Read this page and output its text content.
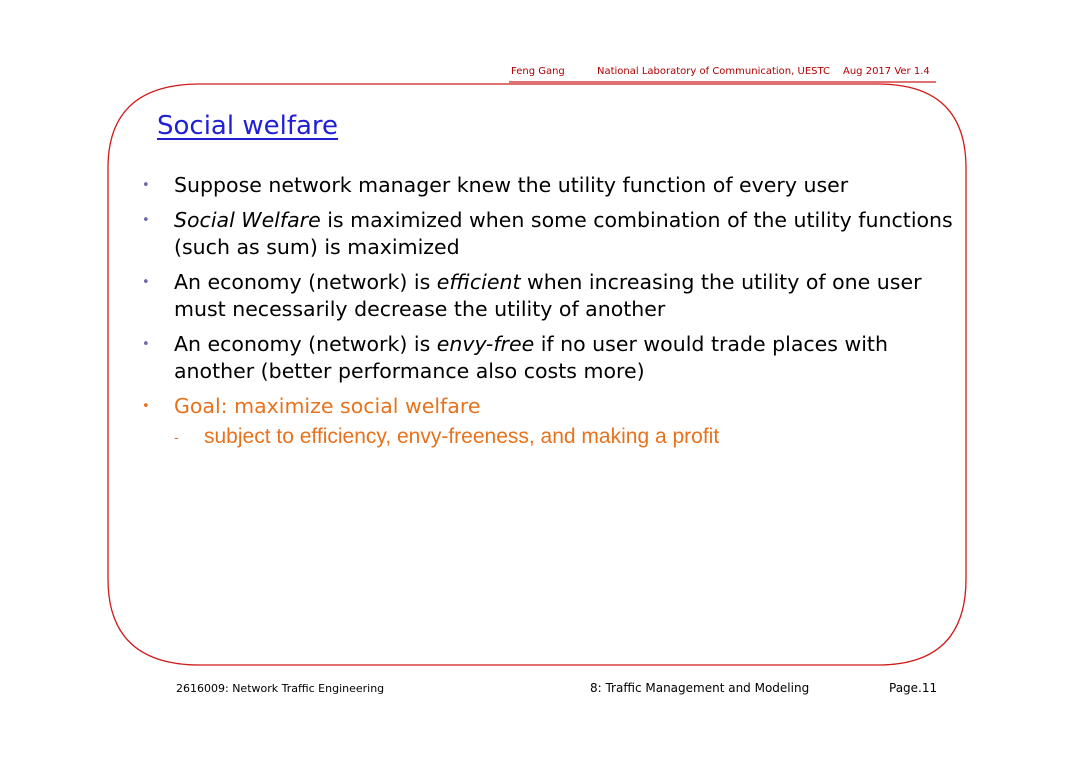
Feng Gang	National Laboratory of Communication, UESTC Aug 2017 Ver 1.4
Social welfare
• Suppose network manager knew the utility function of every user
• Social Welfare is maximized when some combination of the utility functions (such as sum) is maximized
• An economy (network) is efficient when increasing the utility of one user must necessarily decrease the utility of another
• An economy (network) is envy-free if no user would trade places with another (better performance also costs more)
• Goal: maximize social welfare
- subject to efficiency, envy-freeness, and making a profit
2616009: Network Traffic Engineering	8: Traffic Management and Modeling	Page.11
